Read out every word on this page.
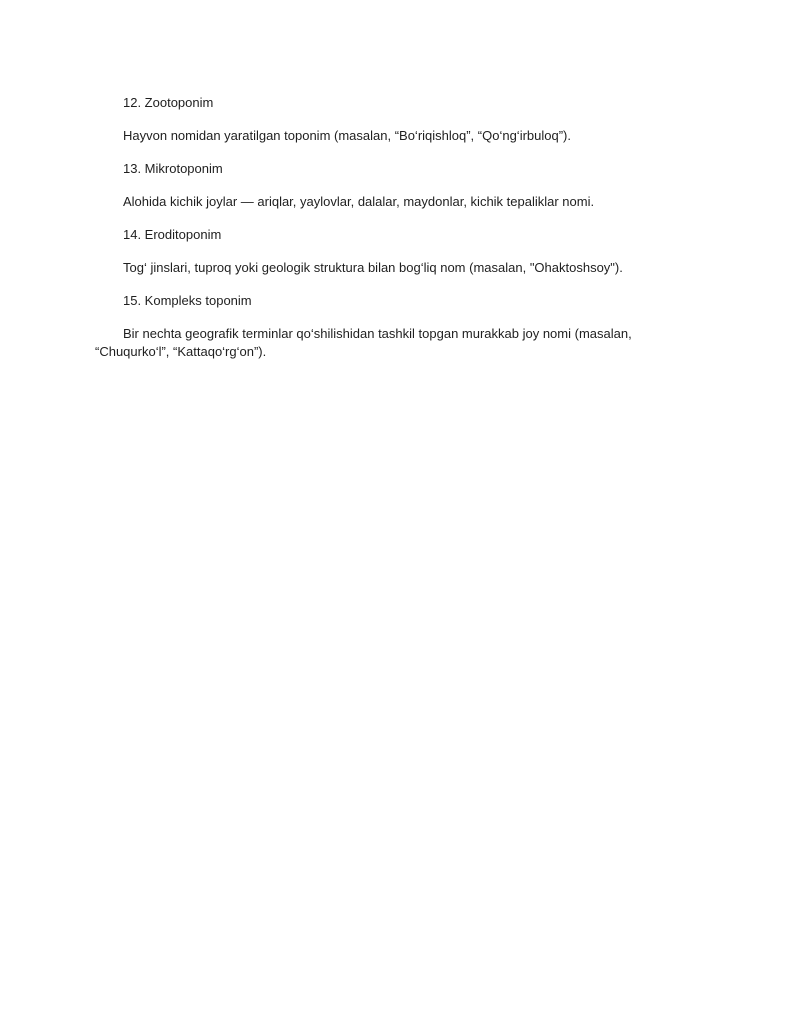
12. Zootoponim

Hayvon nomidan yaratilgan toponim (masalan, “Bo‘riqishloq”, “Qo‘ng‘irbuloq”).

13. Mikrotoponim

Alohida kichik joylar — ariqlar, yaylovlar, dalalar, maydonlar, kichik tepaliklar nomi.

14. Eroditoponim

Tog‘ jinslari, tuproq yoki geologik struktura bilan bog‘liq nom (masalan, "Ohaktoshsoy").

15. Kompleks toponim

Bir nechta geografik terminlar qo‘shilishidan tashkil topgan murakkab joy nomi (masalan, “Chuqurko‘l”, “Kattaqo‘rg‘on”).
